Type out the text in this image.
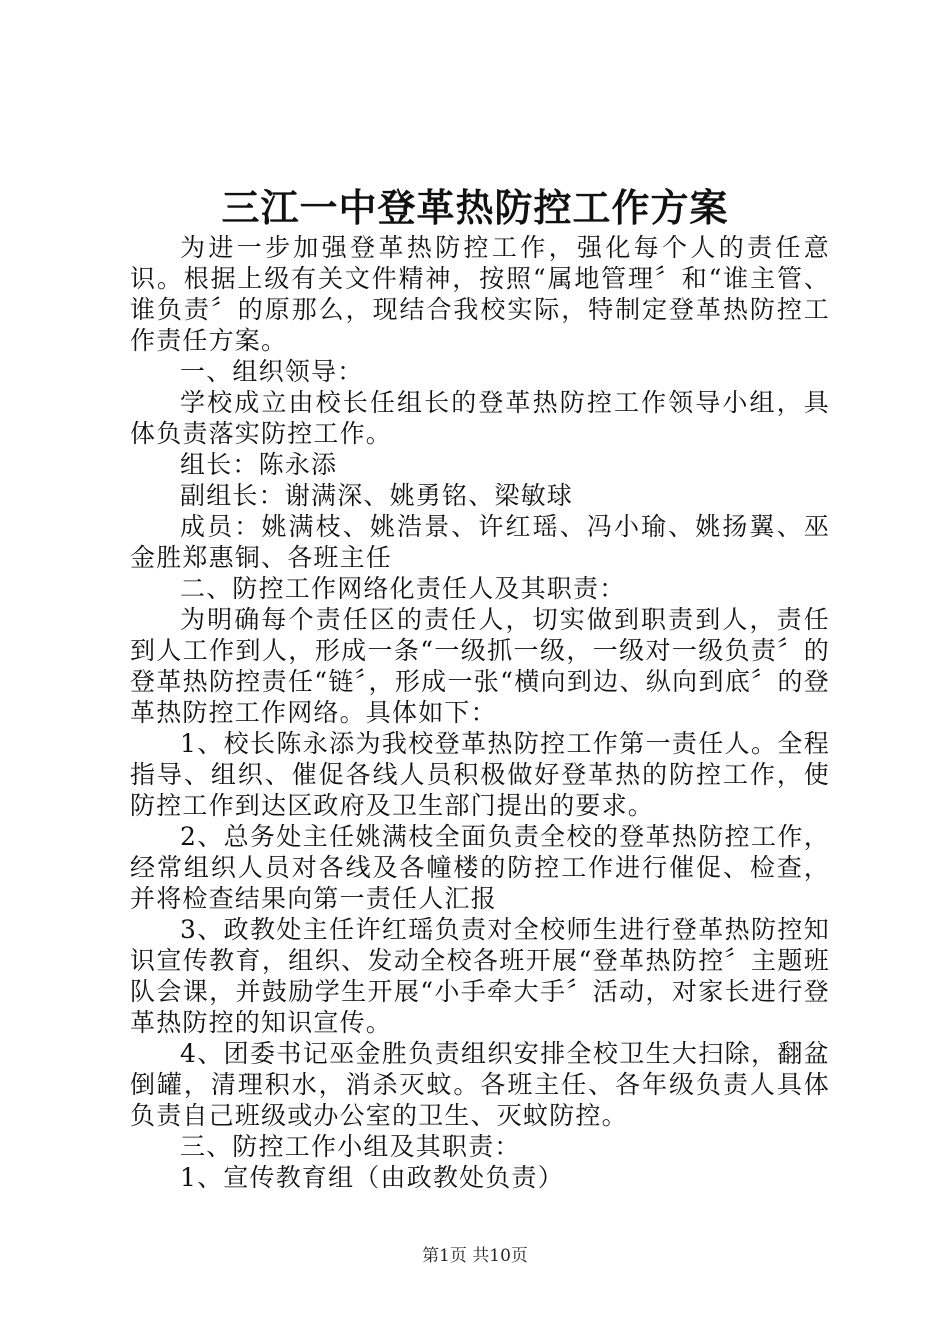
三江一中登革热防控工作方案

为进一步加强登革热防控工作，强化每个人的责任意识。根据上级有关文件精神，按照“属地管理〞和“谁主管、谁负责〞的原那么，现结合我校实际，特制定登革热防控工作责任方案。

一、组织领导：

学校成立由校长任组长的登革热防控工作领导小组，具体负责落实防控工作。

组长：陈永添

副组长：谢满深、姚勇铭、梁敏球

成员：姚满枝、姚浩景、许红瑶、冯小瑜、姚扬翼、巫金胜郑惠铜、各班主任

二、防控工作网络化责任人及其职责：

为明确每个责任区的责任人，切实做到职责到人，责任到人工作到人，形成一条“一级抓一级，一级对一级负责〞的登革热防控责任“链〞，形成一张“横向到边、纵向到底〞的登革热防控工作网络。具体如下：

1、校长陈永添为我校登革热防控工作第一责任人。全程指导、组织、催促各线人员积极做好登革热的防控工作，使防控工作到达区政府及卫生部门提出的要求。

2、总务处主任姚满枝全面负责全校的登革热防控工作，经常组织人员对各线及各幢楼的防控工作进行催促、检查，并将检查结果向第一责任人汇报

3、政教处主任许红瑶负责对全校师生进行登革热防控知识宣传教育，组织、发动全校各班开展“登革热防控〞主题班队会课，并鼓励学生开展“小手牵大手〞活动，对家长进行登革热防控的知识宣传。

4、团委书记巫金胜负责组织安排全校卫生大扫除，翻盆倒罐，清理积水，消杀灭蚊。各班主任、各年级负责人具体负责自己班级或办公室的卫生、灭蚊防控。

三、防控工作小组及其职责：

1、宣传教育组（由政教处负责）

第1页 共10页
